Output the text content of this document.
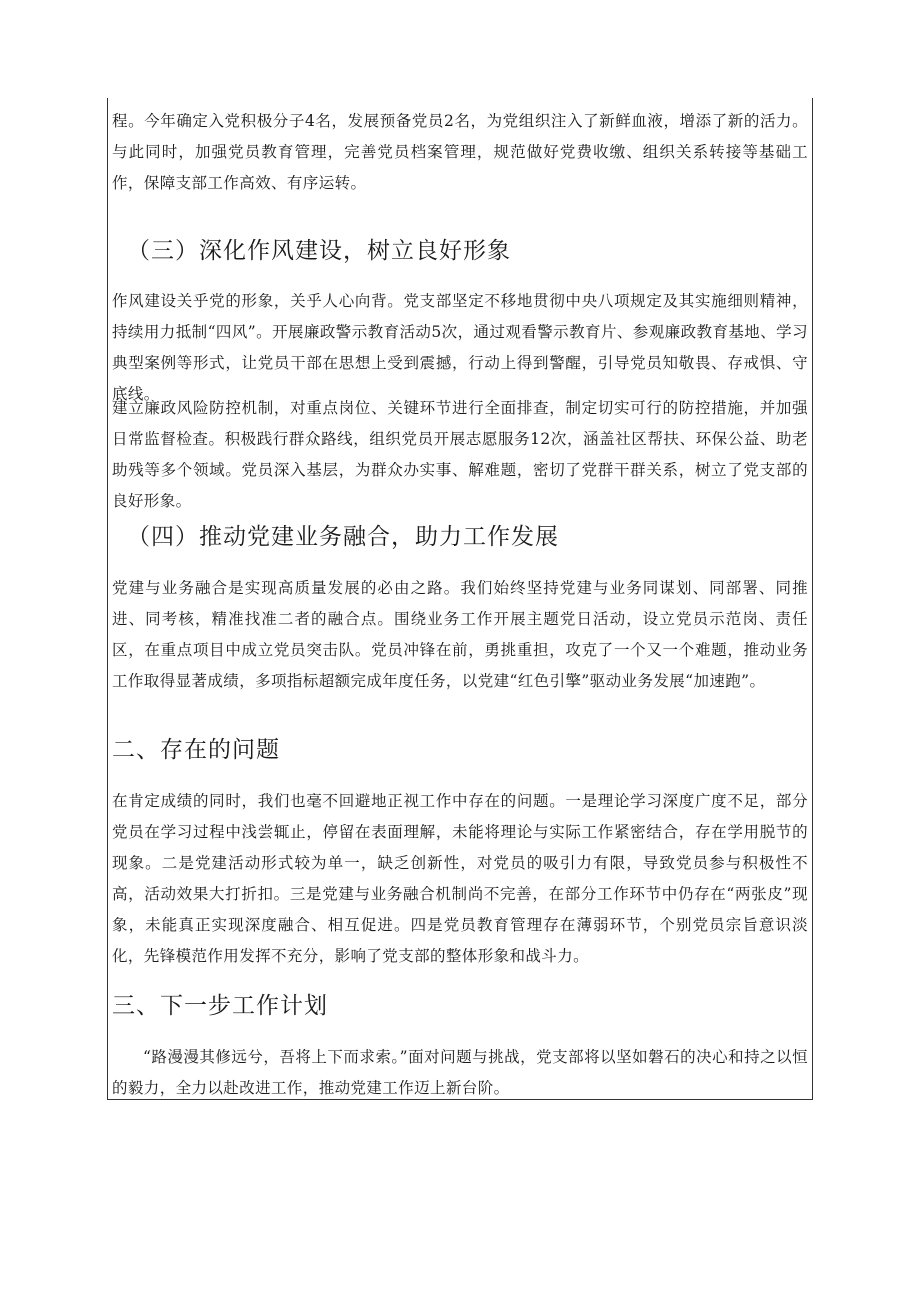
程。今年确定入党积极分子4名，发展预备党员2名，为党组织注入了新鲜血液，增添了新的活力。与此同时，加强党员教育管理，完善党员档案管理，规范做好党费收缴、组织关系转接等基础工作，保障支部工作高效、有序运转。

（三）深化作风建设，树立良好形象

作风建设关乎党的形象，关乎人心向背。党支部坚定不移地贯彻中央八项规定及其实施细则精神，持续用力抵制“四风”。开展廉政警示教育活动5次，通过观看警示教育片、参观廉政教育基地、学习典型案例等形式，让党员干部在思想上受到震撼，行动上得到警醒，引导党员知敬畏、存戒惧、守底线。

建立廉政风险防控机制，对重点岗位、关键环节进行全面排查，制定切实可行的防控措施，并加强日常监督检查。积极践行群众路线，组织党员开展志愿服务12次，涵盖社区帮扶、环保公益、助老助残等多个领域。党员深入基层，为群众办实事、解难题，密切了党群干群关系，树立了党支部的良好形象。

（四）推动党建业务融合，助力工作发展

党建与业务融合是实现高质量发展的必由之路。我们始终坚持党建与业务同谋划、同部署、同推进、同考核，精准找准二者的融合点。围绕业务工作开展主题党日活动，设立党员示范岗、责任区，在重点项目中成立党员突击队。党员冲锋在前，勇挑重担，攻克了一个又一个难题，推动业务工作取得显著成绩，多项指标超额完成年度任务，以党建“红色引擎”驱动业务发展“加速跑”。

二、存在的问题

在肯定成绩的同时，我们也毫不回避地正视工作中存在的问题。一是理论学习深度广度不足，部分党员在学习过程中浅尝辄止，停留在表面理解，未能将理论与实际工作紧密结合，存在学用脱节的现象。二是党建活动形式较为单一，缺乏创新性，对党员的吸引力有限，导致党员参与积极性不高，活动效果大打折扣。三是党建与业务融合机制尚不完善，在部分工作环节中仍存在“两张皮”现象，未能真正实现深度融合、相互促进。四是党员教育管理存在薄弱环节，个别党员宗旨意识淡化，先锋模范作用发挥不充分，影响了党支部的整体形象和战斗力。

三、下一步工作计划

“路漫漫其修远兮，吾将上下而求索。”面对问题与挑战，党支部将以坚如磐石的决心和持之以恒的毅力，全力以赴改进工作，推动党建工作迈上新台阶。
